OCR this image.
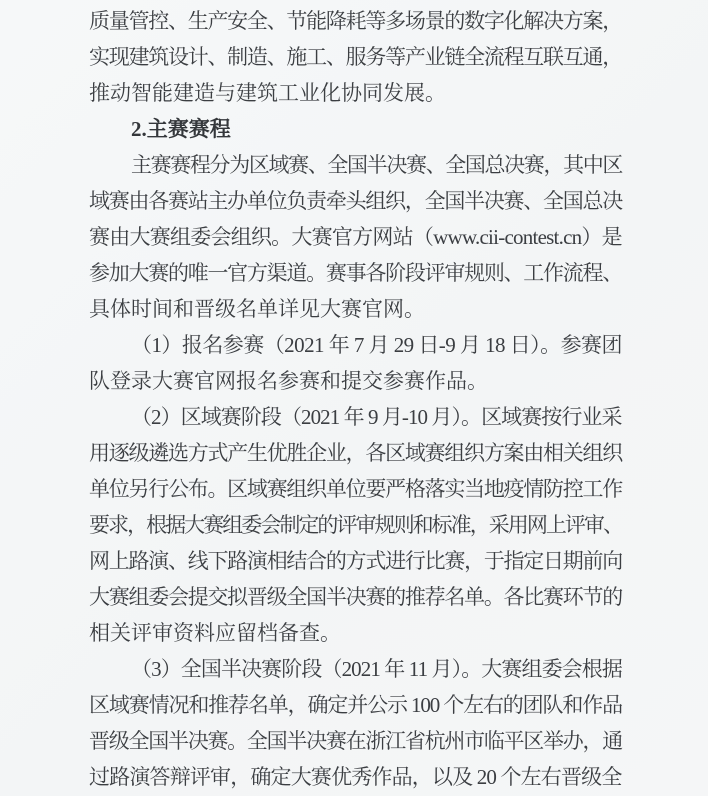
质量管控、生产安全、节能降耗等多场景的数字化解决方案，
实现建筑设计、制造、施工、服务等产业链全流程互联互通，
推动智能建造与建筑工业化协同发展。
2.主赛赛程
主赛赛程分为区域赛、全国半决赛、全国总决赛，其中区
域赛由各赛站主办单位负责牵头组织，全国半决赛、全国总决
赛由大赛组委会组织。大赛官方网站（www.cii-contest.cn）是
参加大赛的唯一官方渠道。赛事各阶段评审规则、工作流程、
具体时间和晋级名单详见大赛官网。
（1）报名参赛（2021 年 7 月 29 日-9 月 18 日）。参赛团
队登录大赛官网报名参赛和提交参赛作品。
（2）区域赛阶段（2021 年 9 月-10 月）。区域赛按行业采
用逐级遴选方式产生优胜企业，各区域赛组织方案由相关组织
单位另行公布。区域赛组织单位要严格落实当地疫情防控工作
要求，根据大赛组委会制定的评审规则和标准，采用网上评审、
网上路演、线下路演相结合的方式进行比赛，于指定日期前向
大赛组委会提交拟晋级全国半决赛的推荐名单。各比赛环节的
相关评审资料应留档备查。
（3）全国半决赛阶段（2021 年 11 月）。大赛组委会根据
区域赛情况和推荐名单，确定并公示 100 个左右的团队和作品
晋级全国半决赛。全国半决赛在浙江省杭州市临平区举办，通
过路演答辩评审，确定大赛优秀作品，以及 20 个左右晋级全
